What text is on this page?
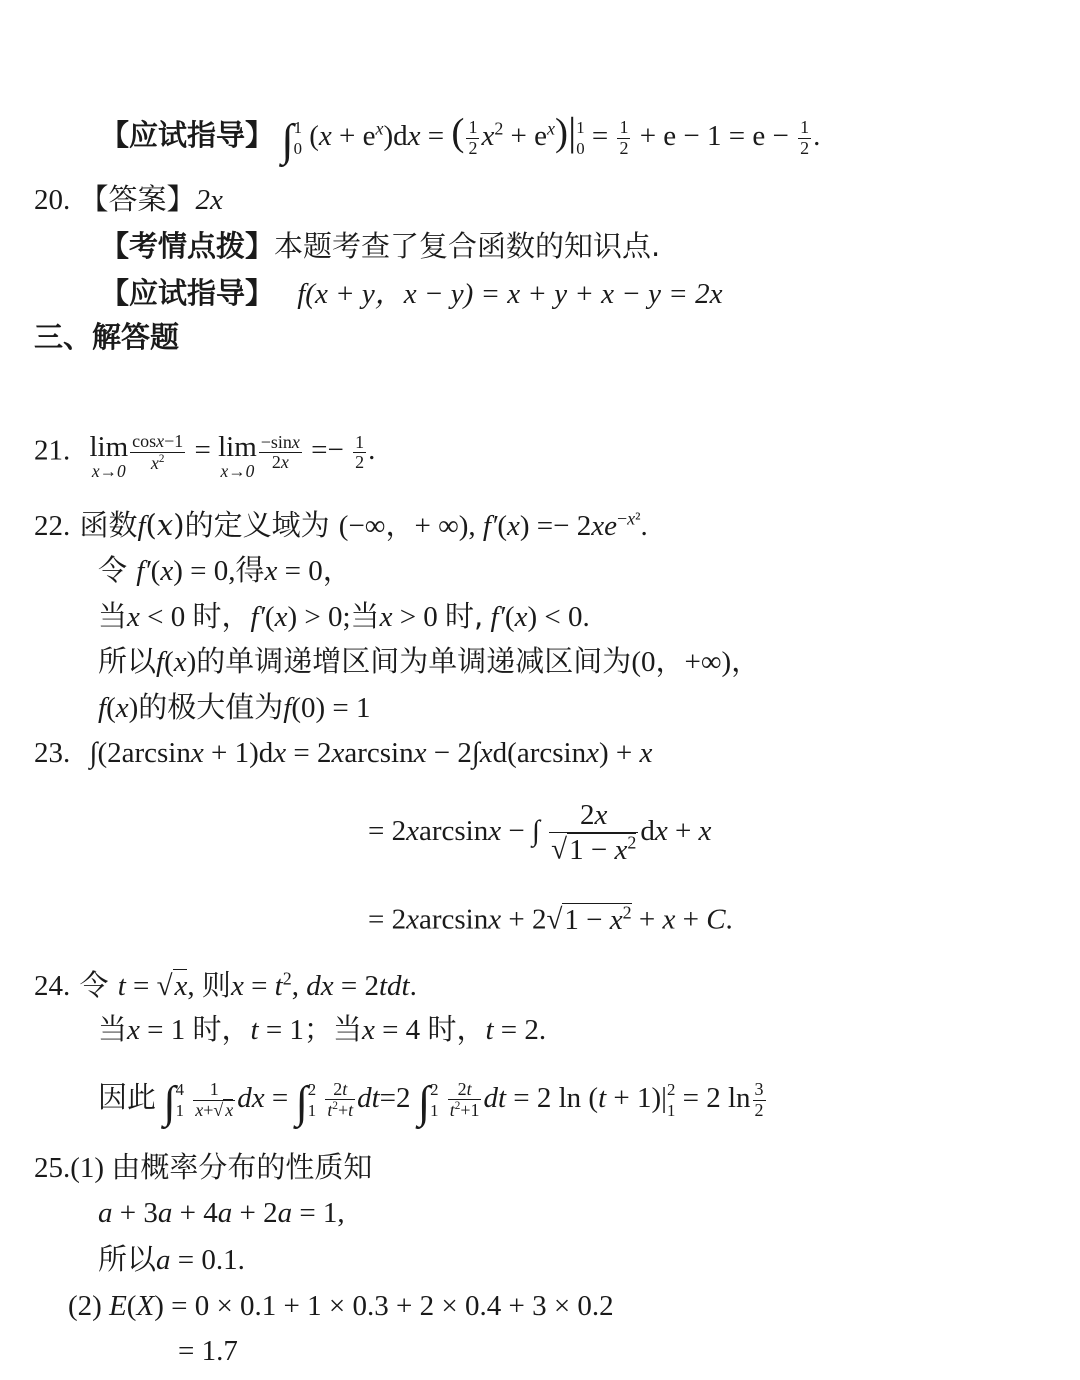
【应试指导】 ∫ 1
0 $(x + e^x)dx$ = ( $\frac{1}{2} x^2 + e^x)|$ 1
$0 = \frac{1}{2} + e - 1 = e - \frac{1}{2}$ .
20. 【答案】2x
【考情点拨】本题考查了复合函数的知识点.
【应试指导】 f(x + y，x − y) = x + y + x − y = 2x
三、解答题
21. lim
$x\to 0 \frac{\cos x-1}{x^2} = \lim$
$x\to 0 \frac{-\sin x}{2x} =- \frac{1}{2}$ .
22. 函数f(x)的定义域为 (−∞，+ ∞), $f'(x) =- 2xe^{-x^2}$.
令 f′(x) = 0,得x = 0，
当x < 0 时，f′(x) > 0;当x > 0 时, f′(x) < 0.
所以f(x)的单调递增区间为单调递减区间为(0，+∞)，
f(x)的极大值为f(0) = 1
23. ∫(2arcsinx + 1)dx = 2xarcsinx − 2∫xd(arcsinx) + x
= 2xarcsinx − ∫ $\frac{2x}{√1 - x^2}$ dx + x
= $2xarcsinx + 2√1 - x^2 + x + C$.
24. 令 t = √x, 则$x = t^2$, dx = 2tdt.
当x = 1 时，t = 1；当x = 4 时，t = 2.
因此 ∫ 4
1
$\frac{1}{x+√ x}$ dx = ∫ 2
1
$\frac{2t}{t^2+t} dt=2$ ∫ 2
1
$\frac{2t}{t^2+1}$ dt = 2 ln (t + 1)| 2
1 = 2 $\ln \frac{3}{2}$
25.(1) 由概率分布的性质知
a + 3a + 4a + 2a = 1,
所以a = 0.1.
(2) E(X) = 0 × 0.1 + 1 × 0.3 + 2 × 0.4 + 3 × 0.2
= 1.7
